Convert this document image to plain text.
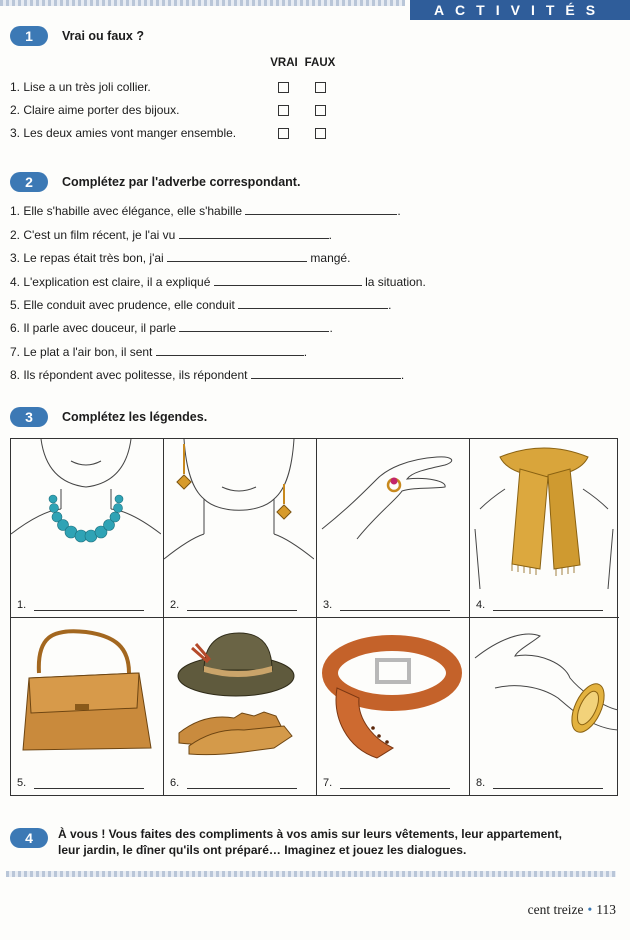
ACTIVITÉS
1	Vrai ou faux ?
VRAI FAUX
1. Lise a un très joli collier.
2. Claire aime porter des bijoux.
3. Les deux amies vont manger ensemble.
2	Complétez par l'adverbe correspondant.
1. Elle s'habille avec élégance, elle s'habille	.
2. C'est un film récent, je l'ai vu	.
3. Le repas était très bon, j'ai	mangé.
4. L'explication est claire, il a expliqué	la situation.
5. Elle conduit avec prudence, elle conduit	.
6. Il parle avec douceur, il parle	.
7. Le plat a l'air bon, il sent	.
8. Ils répondent avec politesse, ils répondent	.
3	Complétez les légendes.
1.	2.	3.	4.
5.	6.	7.	8.
4	À vous ! Vous faites des compliments à vos amis sur leurs vêtements, leur appartement,
leur jardin, le dîner qu'ils ont préparé… Imaginez et jouez les dialogues.
cent treize • 113
